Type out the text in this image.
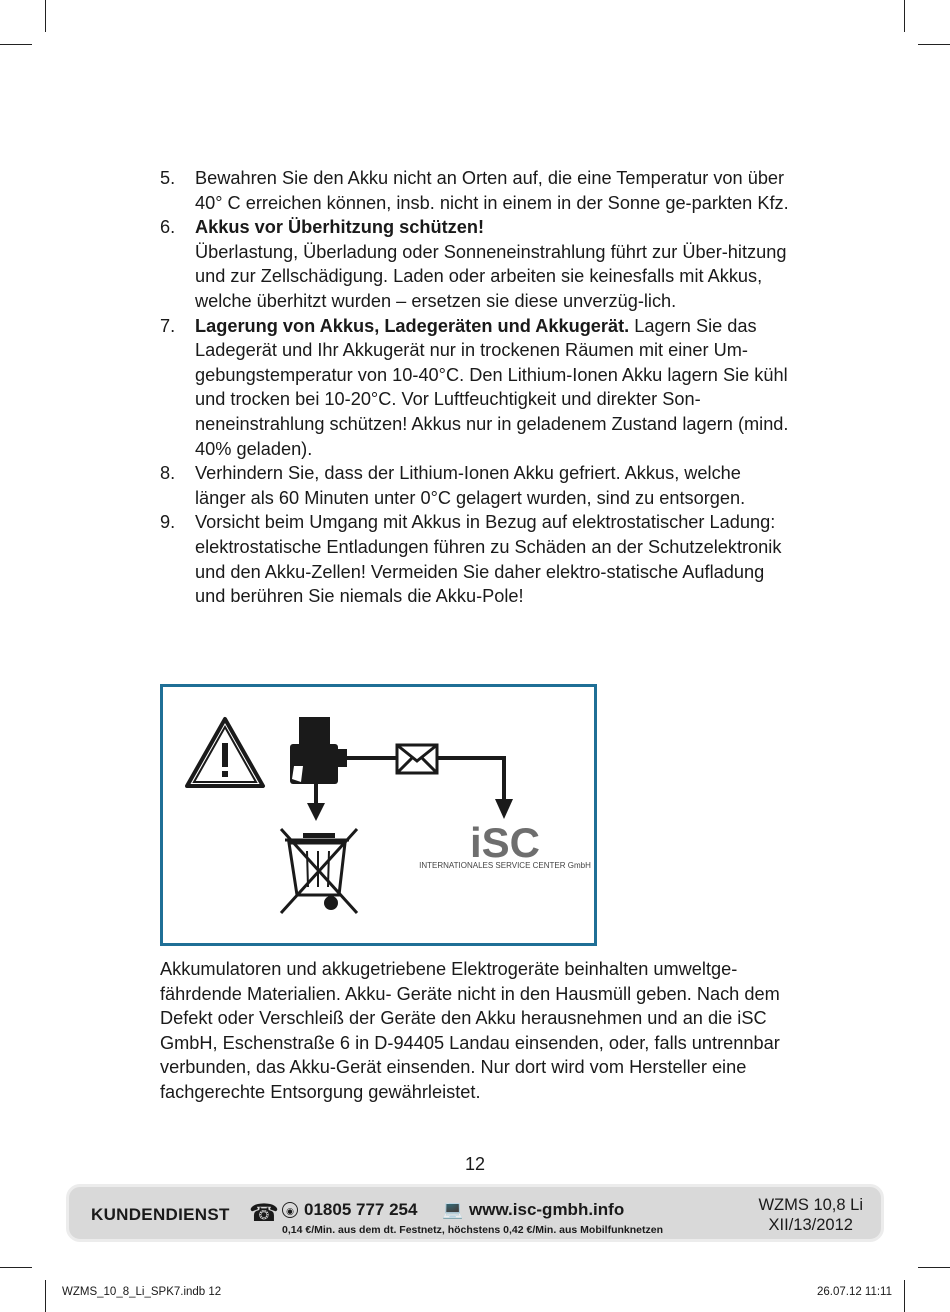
5.	Bewahren Sie den Akku nicht an Orten auf, die eine Temperatur von über 40° C erreichen können, insb. nicht in einem in der Sonne ge-parkten Kfz.
6.	Akkus vor Überhitzung schützen!
Überlastung, Überladung oder Sonneneinstrahlung führt zur Über-hitzung und zur Zellschädigung. Laden oder arbeiten sie keinesfalls mit Akkus, welche überhitzt wurden – ersetzen sie diese unverzüg-lich.
7.	Lagerung von Akkus, Ladegeräten und Akkugerät. Lagern Sie das Ladegerät und Ihr Akkugerät nur in trockenen Räumen mit einer Um-gebungstemperatur von 10-40°C. Den Lithium-Ionen Akku lagern Sie kühl und trocken bei 10-20°C. Vor Luftfeuchtigkeit und direkter Son-neneinstrahlung schützen! Akkus nur in geladenem Zustand lagern (mind. 40% geladen).
8.	Verhindern Sie, dass der Lithium-Ionen Akku gefriert. Akkus, welche länger als 60 Minuten unter 0°C gelagert wurden, sind zu entsorgen.
9.	Vorsicht beim Umgang mit Akkus in Bezug auf elektrostatischer Ladung: elektrostatische Entladungen führen zu Schäden an der Schutzelektronik und den Akku-Zellen! Vermeiden Sie daher elektro-statische Aufladung und berühren Sie niemals die Akku-Pole!
iSC
INTERNATIONALES SERVICE CENTER GmbH
Akkumulatoren und akkugetriebene Elektrogeräte beinhalten umweltge-fährdende Materialien. Akku- Geräte nicht in den Hausmüll geben. Nach dem Defekt oder Verschleiß der Geräte den Akku herausnehmen und an die iSC GmbH, Eschenstraße 6 in D-94405 Landau einsenden, oder, falls untrennbar verbunden, das Akku-Gerät einsenden. Nur dort wird vom Hersteller eine fachgerechte Entsorgung gewährleistet.
12
KUNDENDIENST ☎ ◉ 01805 777 254 💻 www.isc-gmbh.info
0,14 €/Min. aus dem dt. Festnetz, höchstens 0,42 €/Min. aus Mobilfunknetzen
WZMS 10,8 Li
XII/13/2012
WZMS_10_8_Li_SPK7.indb 12	26.07.12 11:11
